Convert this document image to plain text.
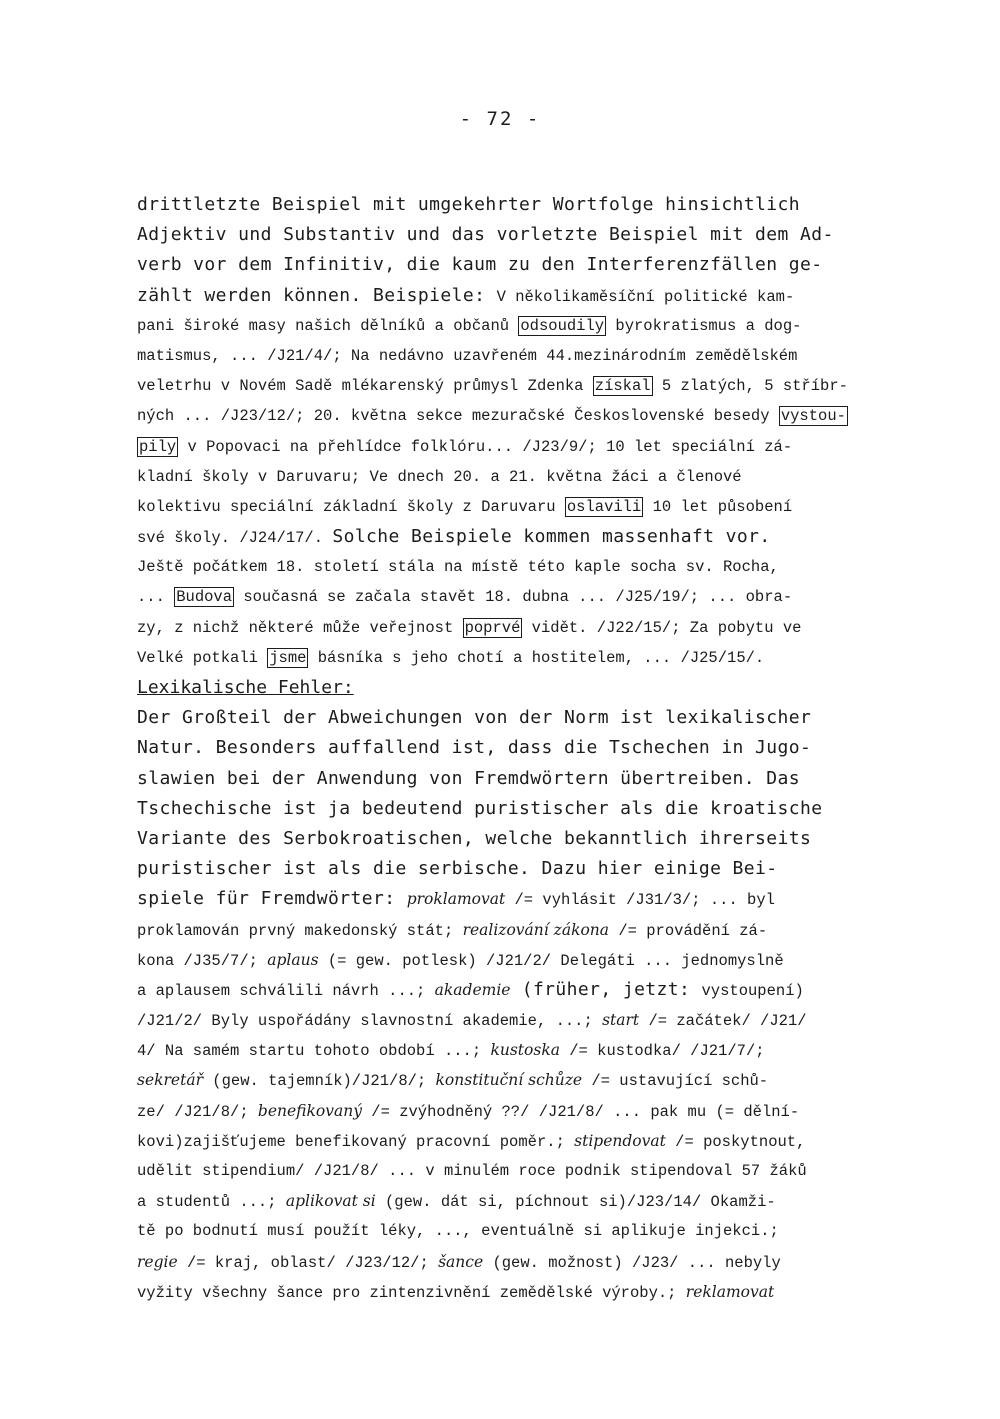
- 72 -
drittletzte Beispiel mit umgekehrter Wortfolge hinsichtlich
Adjektiv und Substantiv und das vorletzte Beispiel mit dem Ad-
verb vor dem Infinitiv, die kaum zu den Interferenzfällen ge-
zählt werden können. Beispiele: V několikaměsíční politické kam-
pani široké masy našich dělníků a občanů odsoudily byrokratismus a dog-
matismus, ... /J21/4/; Na nedávno uzavřeném 44.mezinárodním zemědělském
veletrhu v Novém Sadě mlékarenský průmysl Zdenka získal 5 zlatých, 5 stříbr-
ných ... /J23/12/; 20. května sekce mezuračské Československé besedy vystou-
pily v Popovaci na přehlídce folklóru... /J23/9/; 10 let speciální zá-
kladní školy v Daruvaru; Ve dnech 20. a 21. května žáci a členové
kolektivu speciální základní školy z Daruvaru oslavili 10 let působení
své školy. /J24/17/. Solche Beispiele kommen massenhaft vor.
Ještě počátkem 18. století stála na místě této kaple socha sv. Rocha,
... Budova současná se začala stavět 18. dubna ... /J25/19/; ... obra-
zy, z nichž některé může veřejnost poprvé vidět. /J22/15/; Za pobytu ve
Velké potkali jsme básníka s jeho chotí a hostitelem, ... /J25/15/.
Lexikalische Fehler:
Der Großteil der Abweichungen von der Norm ist lexikalischer
Natur. Besonders auffallend ist, dass die Tschechen in Jugo-
slawien bei der Anwendung von Fremdwörtern übertreiben. Das
Tschechische ist ja bedeutend puristischer als die kroatische
Variante des Serbokroatischen, welche bekanntlich ihrerseits
puristischer ist als die serbische. Dazu hier einige Bei-
spiele für Fremdwörter: proklamovat /= vyhlásit /J31/3/; ... byl
proklamován prvný makedonský stát; realizování zákona /= provádění zá-
kona /J35/7/; aplaus (= gew. potlesk) /J21/2/ Delegáti ... jednomyslně
a aplausem schválili návrh ...; akademie (früher, jetzt: vystoupení)
/J21/2/ Byly uspořádány slavnostní akademie, ...; start /= začátek/ /J21/
4/ Na samém startu tohoto období ...; kustoska /= kustodka/ /J21/7/;
sekretář (gew. tajemník)/J21/8/; konstituční schůze /= ustavující schů-
ze/ /J21/8/; benefikovaný /= zvýhodněný ??/ /J21/8/ ... pak mu (= dělní-
kovi)zajišťujeme benefikovaný pracovní poměr.; stipendovat /= poskytnout,
udělit stipendium/ /J21/8/ ... v minulém roce podnik stipendoval 57 žáků
a studentů ...; aplikovat si (gew. dát si, píchnout si)/J23/14/ Okamži-
tě po bodnutí musí použít léky, ..., eventuálně si aplikuje injekci.;
regie /= kraj, oblast/ /J23/12/; šance (gew. možnost) /J23/ ... nebyly
vyžity všechny šance pro zintenzivnění zemědělské výroby.; reklamovat
